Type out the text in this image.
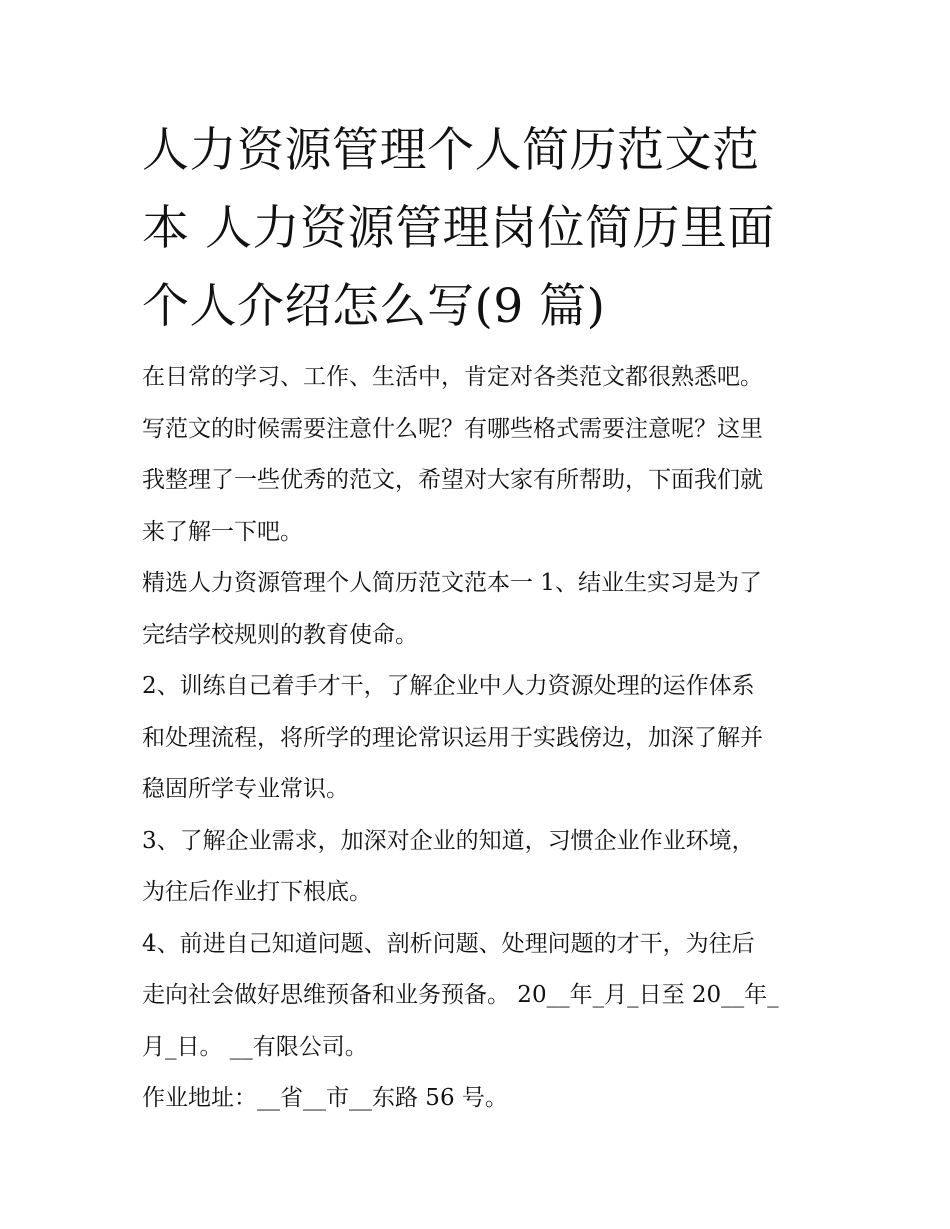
人力资源管理个人简历范文范
本 人力资源管理岗位简历里面
个人介绍怎么写(9 篇)

在日常的学习、工作、生活中，肯定对各类范文都很熟悉吧。
写范文的时候需要注意什么呢？有哪些格式需要注意呢？这里
我整理了一些优秀的范文，希望对大家有所帮助，下面我们就
来了解一下吧。

精选人力资源管理个人简历范文范本一 1、结业生实习是为了
完结学校规则的教育使命。

2、训练自己着手才干，了解企业中人力资源处理的运作体系
和处理流程，将所学的理论常识运用于实践傍边，加深了解并
稳固所学专业常识。

3、了解企业需求，加深对企业的知道，习惯企业作业环境，
为往后作业打下根底。

4、前进自己知道问题、剖析问题、处理问题的才干，为往后
走向社会做好思维预备和业务预备。 20__年_月_日至 20__年_
月_日。 __有限公司。

作业地址：__省__市__东路 56 号。
